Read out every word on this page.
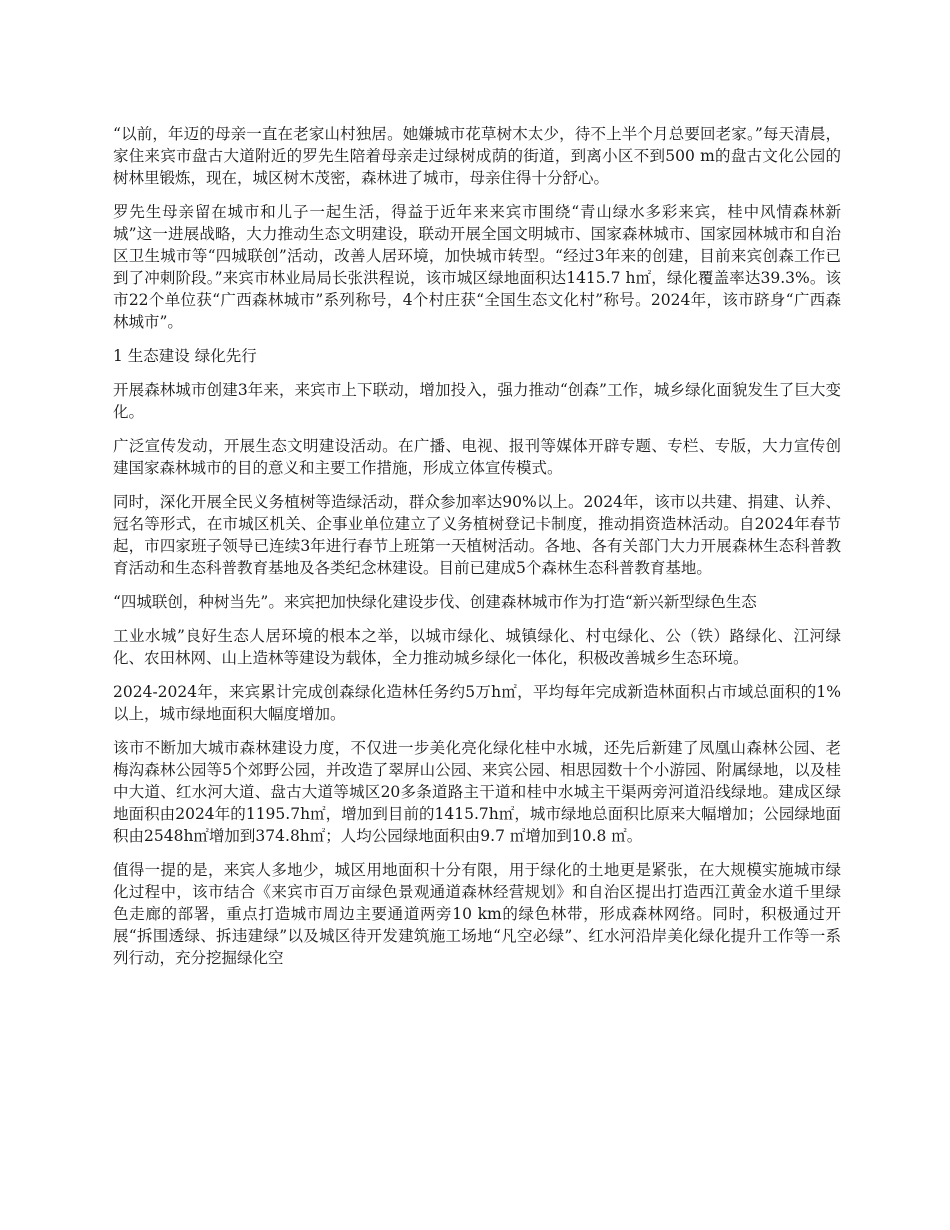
“以前，年迈的母亲一直在老家山村独居。她嫌城市花草树木太少，待不上半个月总要回老家。”每天清晨，家住来宾市盘古大道附近的罗先生陪着母亲走过绿树成荫的街道，到离小区不到500 m的盘古文化公园的树林里锻炼，现在，城区树木茂密，森林进了城市，母亲住得十分舒心。

罗先生母亲留在城市和儿子一起生活，得益于近年来来宾市围绕“青山绿水多彩来宾，桂中风情森林新城”这一进展战略，大力推动生态文明建设，联动开展全国文明城市、国家森林城市、国家园林城市和自治区卫生城市等“四城联创”活动，改善人居环境，加快城市转型。“经过3年来的创建，目前来宾创森工作已到了冲刺阶段。”来宾市林业局局长张洪程说，该市城区绿地面积达1415.7 h㎡，绿化覆盖率达39.3%。该市22个单位获“广西森林城市”系列称号，4个村庄获“全国生态文化村”称号。2024年，该市跻身“广西森林城市”。

1 生态建设 绿化先行

开展森林城市创建3年来，来宾市上下联动，增加投入，强力推动“创森”工作，城乡绿化面貌发生了巨大变化。

广泛宣传发动，开展生态文明建设活动。在广播、电视、报刊等媒体开辟专题、专栏、专版，大力宣传创建国家森林城市的目的意义和主要工作措施，形成立体宣传模式。

同时，深化开展全民义务植树等造绿活动，群众参加率达90%以上。2024年，该市以共建、捐建、认养、冠名等形式，在市城区机关、企事业单位建立了义务植树登记卡制度，推动捐资造林活动。自2024年春节起，市四家班子领导已连续3年进行春节上班第一天植树活动。各地、各有关部门大力开展森林生态科普教育活动和生态科普教育基地及各类纪念林建设。目前已建成5个森林生态科普教育基地。

“四城联创，种树当先”。来宾把加快绿化建设步伐、创建森林城市作为打造“新兴新型绿色生态

工业水城”良好生态人居环境的根本之举，以城市绿化、城镇绿化、村屯绿化、公（铁）路绿化、江河绿化、农田林网、山上造林等建设为载体，全力推动城乡绿化一体化，积极改善城乡生态环境。

2024-2024年，来宾累计完成创森绿化造林任务约5万h㎡，平均每年完成新造林面积占市域总面积的1%以上，城市绿地面积大幅度增加。

该市不断加大城市森林建设力度，不仅进一步美化亮化绿化桂中水城，还先后新建了凤凰山森林公园、老梅沟森林公园等5个郊野公园，并改造了翠屏山公园、来宾公园、相思园数十个小游园、附属绿地，以及桂中大道、红水河大道、盘古大道等城区20多条道路主干道和桂中水城主干渠两旁河道沿线绿地。建成区绿地面积由2024年的1195.7h㎡，增加到目前的1415.7h㎡，城市绿地总面积比原来大幅增加；公园绿地面积由2548h㎡增加到374.8h㎡；人均公园绿地面积由9.7 ㎡增加到10.8 ㎡。

值得一提的是，来宾人多地少，城区用地面积十分有限，用于绿化的土地更是紧张，在大规模实施城市绿化过程中，该市结合《来宾市百万亩绿色景观通道森林经营规划》和自治区提出打造西江黄金水道千里绿色走廊的部署，重点打造城市周边主要通道两旁10 km的绿色林带，形成森林网络。同时，积极通过开展“拆围透绿、拆违建绿”以及城区待开发建筑施工场地“凡空必绿”、红水河沿岸美化绿化提升工作等一系列行动，充分挖掘绿化空
